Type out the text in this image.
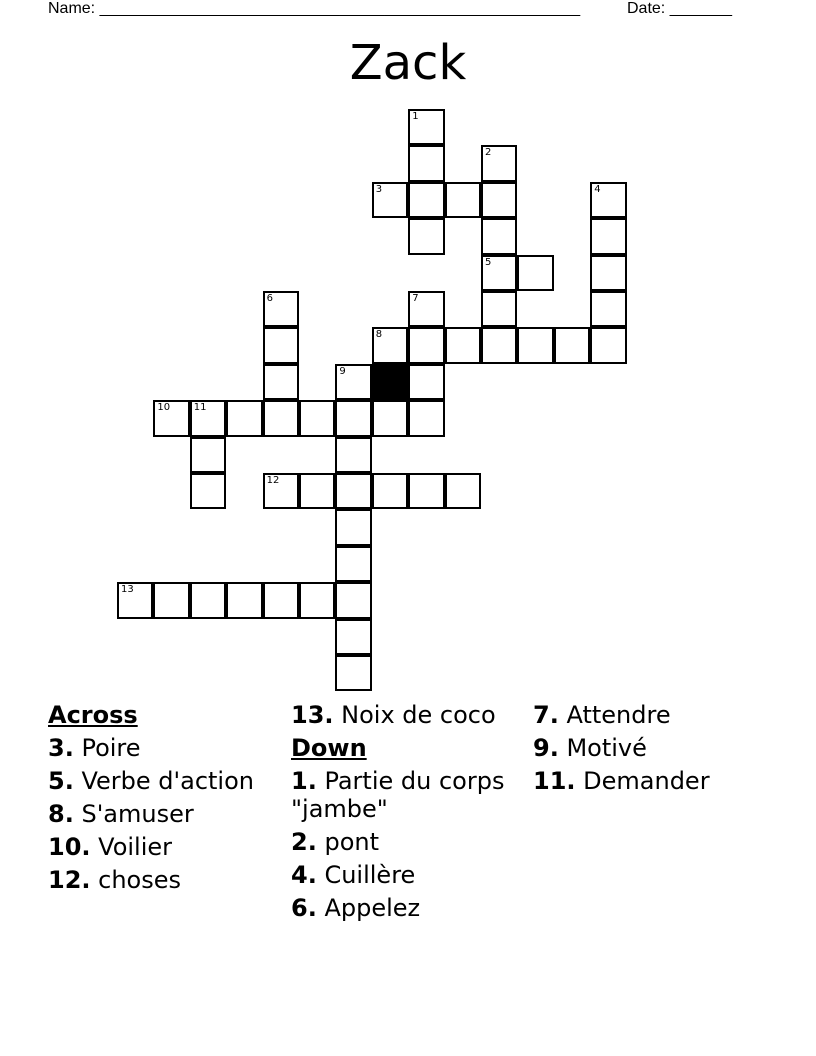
Name: ______________________________________________________	Date: _______
Zack
1
2
3	4
5
6	7
8
9
10 11
12
13
Across
3. Poire
5. Verbe d'action
8. S'amuser
10. Voilier
12. choses
13. Noix de coco
Down
1. Partie du corps "jambe"
2. pont
4. Cuillère
6. Appelez
7. Attendre
9. Motivé
11. Demander
